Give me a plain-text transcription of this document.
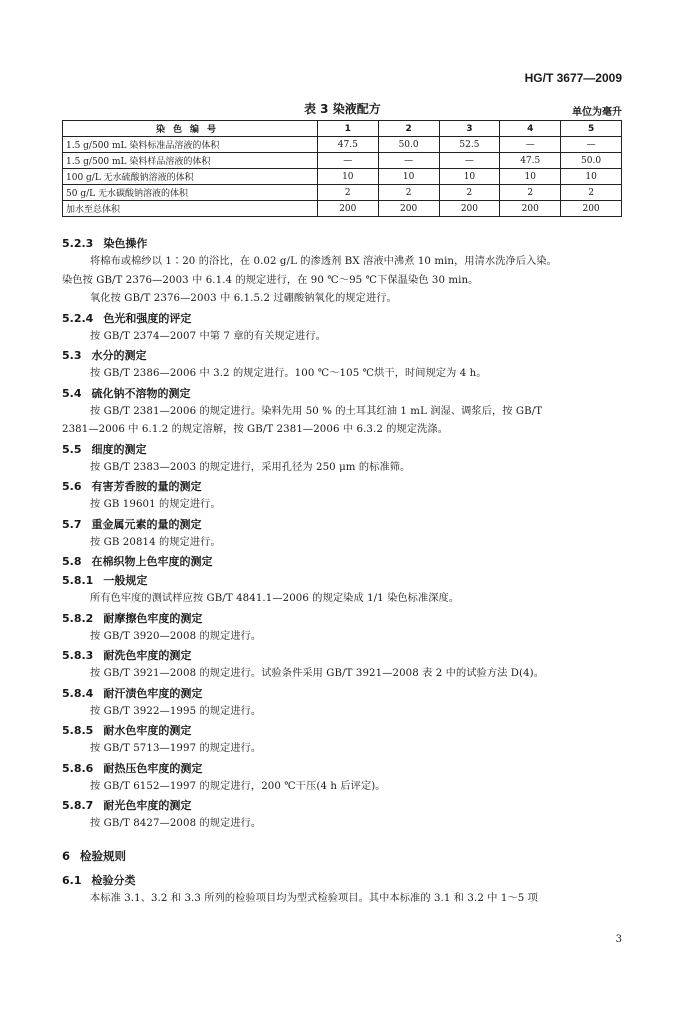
HG/T 3677—2009
表 3 染液配方	单位为毫升
染色编号	1	2	3	4	5
1.5 g/500 mL 染料标准品溶液的体积	47.5	50.0	52.5	—	—
1.5 g/500 mL 染料样品溶液的体积	—	—	—	47.5	50.0
100 g/L 无水硫酸钠溶液的体积	10	10	10	10	10
50 g/L 无水碳酸钠溶液的体积	2	2	2	2	2
加水至总体积	200	200	200	200	200
5.2.3 染色操作

将棉布或棉纱以 1∶20 的浴比，在 0.02 g/L 的渗透剂 BX 溶液中沸煮 10 min，用清水洗净后入染。

染色按 GB/T 2376—2003 中 6.1.4 的规定进行，在 90 ℃～95 ℃下保温染色 30 min。

氧化按 GB/T 2376—2003 中 6.1.5.2 过硼酸钠氧化的规定进行。

5.2.4 色光和强度的评定

按 GB/T 2374—2007 中第 7 章的有关规定进行。

5.3 水分的测定

按 GB/T 2386—2006 中 3.2 的规定进行。100 ℃～105 ℃烘干，时间规定为 4 h。

5.4 硫化钠不溶物的测定

按 GB/T 2381—2006 的规定进行。染料先用 50 % 的土耳其红油 1 mL 润湿、调浆后，按 GB/T

2381—2006 中 6.1.2 的规定溶解，按 GB/T 2381—2006 中 6.3.2 的规定洗涤。

5.5 细度的测定

按 GB/T 2383—2003 的规定进行，采用孔径为 250 μm 的标准筛。

5.6 有害芳香胺的量的测定

按 GB 19601 的规定进行。

5.7 重金属元素的量的测定

按 GB 20814 的规定进行。

5.8 在棉织物上色牢度的测定
5.8.1 一般规定

所有色牢度的测试样应按 GB/T 4841.1—2006 的规定染成 1/1 染色标准深度。

5.8.2 耐摩擦色牢度的测定

按 GB/T 3920—2008 的规定进行。

5.8.3 耐洗色牢度的测定

按 GB/T 3921—2008 的规定进行。试验条件采用 GB/T 3921—2008 表 2 中的试验方法 D(4)。

5.8.4 耐汗渍色牢度的测定

按 GB/T 3922—1995 的规定进行。

5.8.5 耐水色牢度的测定

按 GB/T 5713—1997 的规定进行。

5.8.6 耐热压色牢度的测定

按 GB/T 6152—1997 的规定进行，200 ℃干压(4 h 后评定)。

5.8.7 耐光色牢度的测定

按 GB/T 8427—2008 的规定进行。

6 检验规则
6.1 检验分类

本标准 3.1、3.2 和 3.3 所列的检验项目均为型式检验项目。其中本标准的 3.1 和 3.2 中 1～5 项

3
